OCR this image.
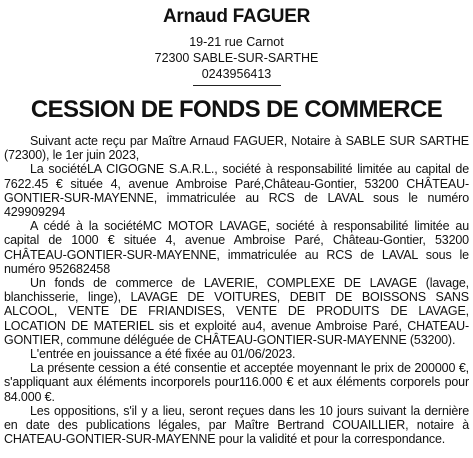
Arnaud FAGUER
19-21 rue Carnot
72300 SABLE-SUR-SARTHE
0243956413
CESSION DE FONDS DE COMMERCE

Suivant acte reçu par Maître Arnaud FAGUER, Notaire à SABLE SUR SARTHE (72300), le 1er juin 2023,

La sociétéLA CIGOGNE S.A.R.L., société à responsabilité limitée au capital de 7622.45 € située 4, avenue Ambroise Paré,Château-Gontier, 53200 CHÂTEAU-GONTIER-SUR-MAYENNE, immatriculée au RCS de LAVAL sous le numéro 429909294

A cédé à la sociétéMC MOTOR LAVAGE, société à responsabilité limitée au capital de 1000 € située 4, avenue Ambroise Paré, Château-Gontier, 53200 CHÂTEAU-GONTIER-SUR-MAYENNE, immatriculée au RCS de LAVAL sous le numéro 952682458

Un fonds de commerce de LAVERIE, COMPLEXE DE LAVAGE (lavage, blanchisserie, linge), LAVAGE DE VOITURES, DEBIT DE BOISSONS SANS ALCOOL, VENTE DE FRIANDISES, VENTE DE PRODUITS DE LAVAGE, LOCATION DE MATERIEL sis et exploité au4, avenue Ambroise Paré, CHATEAU-GONTIER, commune déléguée de CHÂTEAU-GONTIER-SUR-MAYENNE (53200).

L'entrée en jouissance a été fixée au 01/06/2023.

La présente cession a été consentie et acceptée moyennant le prix de 200000 €, s'appliquant aux éléments incorporels pour116.000 € et aux éléments corporels pour 84.000 €.

Les oppositions, s'il y a lieu, seront reçues dans les 10 jours suivant la dernière en date des publications légales, par Maître Bertrand COUAILLIER, notaire à CHATEAU-GONTIER-SUR-MAYENNE pour la validité et pour la correspondance.
